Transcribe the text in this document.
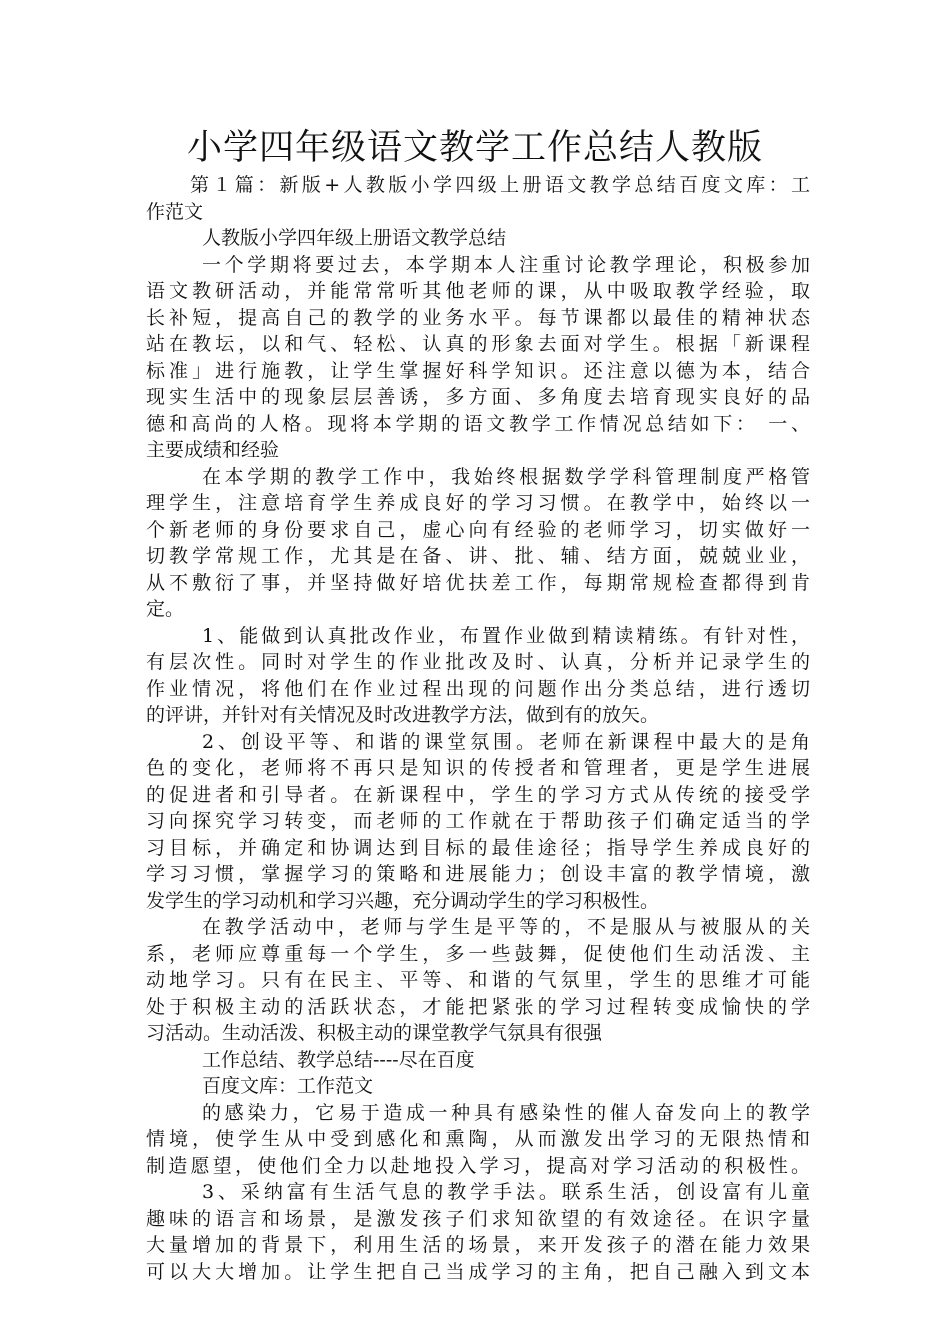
小学四年级语文教学工作总结人教版
第１篇：新版+人教版小学四级上册语文教学总结百度文库：工
作范文
人教版小学四年级上册语文教学总结
一个学期将要过去，本学期本人注重讨论教学理论，积极参加
语文教研活动，并能常常听其他老师的课，从中吸取教学经验，取
长补短，提高自己的教学的业务水平。每节课都以最佳的精神状态
站在教坛，以和气、轻松、认真的形象去面对学生。根据「新课程
标准」进行施教，让学生掌握好科学知识。还注意以德为本，结合
现实生活中的现象层层善诱，多方面、多角度去培育现实良好的品
德和高尚的人格。现将本学期的语文教学工作情况总结如下： 一、
主要成绩和经验
在本学期的教学工作中，我始终根据数学学科管理制度严格管
理学生，注意培育学生养成良好的学习习惯。在教学中，始终以一
个新老师的身份要求自己，虚心向有经验的老师学习，切实做好一
切教学常规工作，尤其是在备、讲、批、辅、结方面，兢兢业业，
从不敷衍了事，并坚持做好培优扶差工作，每期常规检查都得到肯
定。
1、能做到认真批改作业，布置作业做到精读精练。有针对性，
有层次性。同时对学生的作业批改及时、认真，分析并记录学生的
作业情况，将他们在作业过程出现的问题作出分类总结，进行透切
的评讲，并针对有关情况及时改进教学方法，做到有的放矢。
2、创设平等、和谐的课堂氛围。老师在新课程中最大的是角
色的变化，老师将不再只是知识的传授者和管理者，更是学生进展
的促进者和引导者。在新课程中，学生的学习方式从传统的接受学
习向探究学习转变，而老师的工作就在于帮助孩子们确定适当的学
习目标，并确定和协调达到目标的最佳途径；指导学生养成良好的
学习习惯，掌握学习的策略和进展能力；创设丰富的教学情境，激
发学生的学习动机和学习兴趣，充分调动学生的学习积极性。
在教学活动中，老师与学生是平等的，不是服从与被服从的关
系，老师应尊重每一个学生，多一些鼓舞，促使他们生动活泼、主
动地学习。只有在民主、平等、和谐的气氛里，学生的思维才可能
处于积极主动的活跃状态，才能把紧张的学习过程转变成愉快的学
习活动。生动活泼、积极主动的课堂教学气氛具有很强
工作总结、教学总结----尽在百度
百度文库：工作范文
的感染力，它易于造成一种具有感染性的催人奋发向上的教学
情境，使学生从中受到感化和熏陶，从而激发出学习的无限热情和
制造愿望，使他们全力以赴地投入学习，提高对学习活动的积极性。
3、采纳富有生活气息的教学手法。联系生活，创设富有儿童
趣味的语言和场景，是激发孩子们求知欲望的有效途径。在识字量
大量增加的背景下，利用生活的场景，来开发孩子的潜在能力效果
可以大大增加。让学生把自己当成学习的主角，把自己融入到文本
